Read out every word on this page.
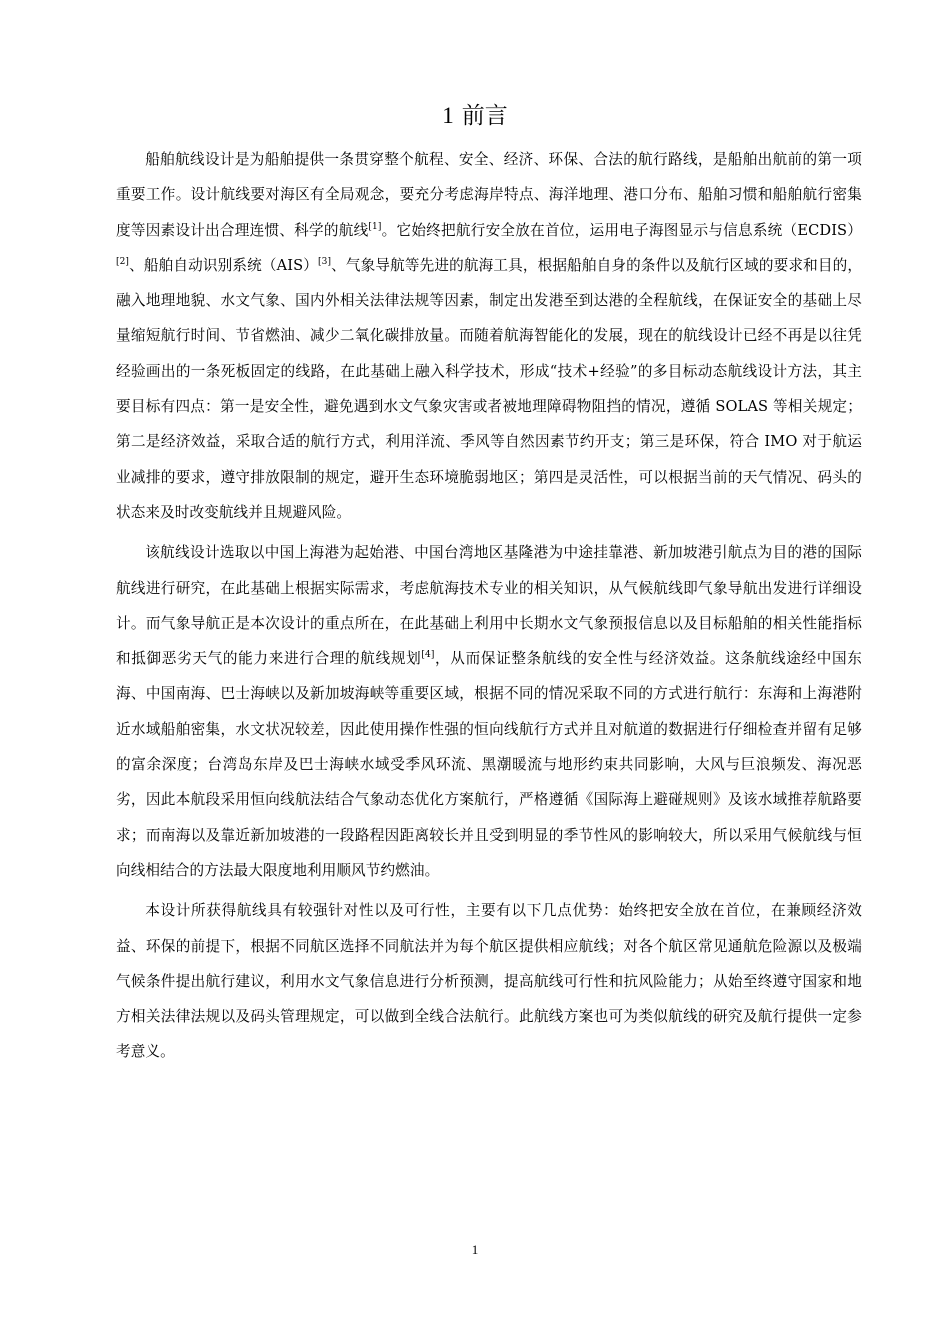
1 前言

船舶航线设计是为船舶提供一条贯穿整个航程、安全、经济、环保、合法的航行路线，是船舶出航前的第一项重要工作。设计航线要对海区有全局观念，要充分考虑海岸特点、海洋地理、港口分布、船舶习惯和船舶航行密集度等因素设计出合理连惯、科学的航线[1]。它始终把航行安全放在首位，运用电子海图显示与信息系统（ECDIS）[2]、船舶自动识别系统（AIS）[3]、气象导航等先进的航海工具，根据船舶自身的条件以及航行区域的要求和目的，融入地理地貌、水文气象、国内外相关法律法规等因素，制定出发港至到达港的全程航线，在保证安全的基础上尽量缩短航行时间、节省燃油、减少二氧化碳排放量。而随着航海智能化的发展，现在的航线设计已经不再是以往凭经验画出的一条死板固定的线路，在此基础上融入科学技术，形成“技术+经验”的多目标动态航线设计方法，其主要目标有四点：第一是安全性，避免遇到水文气象灾害或者被地理障碍物阻挡的情况，遵循 SOLAS 等相关规定；第二是经济效益，采取合适的航行方式，利用洋流、季风等自然因素节约开支；第三是环保，符合 IMO 对于航运业减排的要求，遵守排放限制的规定，避开生态环境脆弱地区；第四是灵活性，可以根据当前的天气情况、码头的状态来及时改变航线并且规避风险。

该航线设计选取以中国上海港为起始港、中国台湾地区基隆港为中途挂靠港、新加坡港引航点为目的港的国际航线进行研究，在此基础上根据实际需求，考虑航海技术专业的相关知识，从气候航线即气象导航出发进行详细设计。而气象导航正是本次设计的重点所在，在此基础上利用中长期水文气象预报信息以及目标船舶的相关性能指标和抵御恶劣天气的能力来进行合理的航线规划[4]，从而保证整条航线的安全性与经济效益。这条航线途经中国东海、中国南海、巴士海峡以及新加坡海峡等重要区域，根据不同的情况采取不同的方式进行航行：东海和上海港附近水域船舶密集，水文状况较差，因此使用操作性强的恒向线航行方式并且对航道的数据进行仔细检查并留有足够的富余深度；台湾岛东岸及巴士海峡水域受季风环流、黑潮暖流与地形约束共同影响，大风与巨浪频发、海况恶劣，因此本航段采用恒向线航法结合气象动态优化方案航行，严格遵循《国际海上避碰规则》及该水域推荐航路要求；而南海以及靠近新加坡港的一段路程因距离较长并且受到明显的季节性风的影响较大，所以采用气候航线与恒向线相结合的方法最大限度地利用顺风节约燃油。

本设计所获得航线具有较强针对性以及可行性，主要有以下几点优势：始终把安全放在首位，在兼顾经济效益、环保的前提下，根据不同航区选择不同航法并为每个航区提供相应航线；对各个航区常见通航危险源以及极端气候条件提出航行建议，利用水文气象信息进行分析预测，提高航线可行性和抗风险能力；从始至终遵守国家和地方相关法律法规以及码头管理规定，可以做到全线合法航行。此航线方案也可为类似航线的研究及航行提供一定参考意义。

1
